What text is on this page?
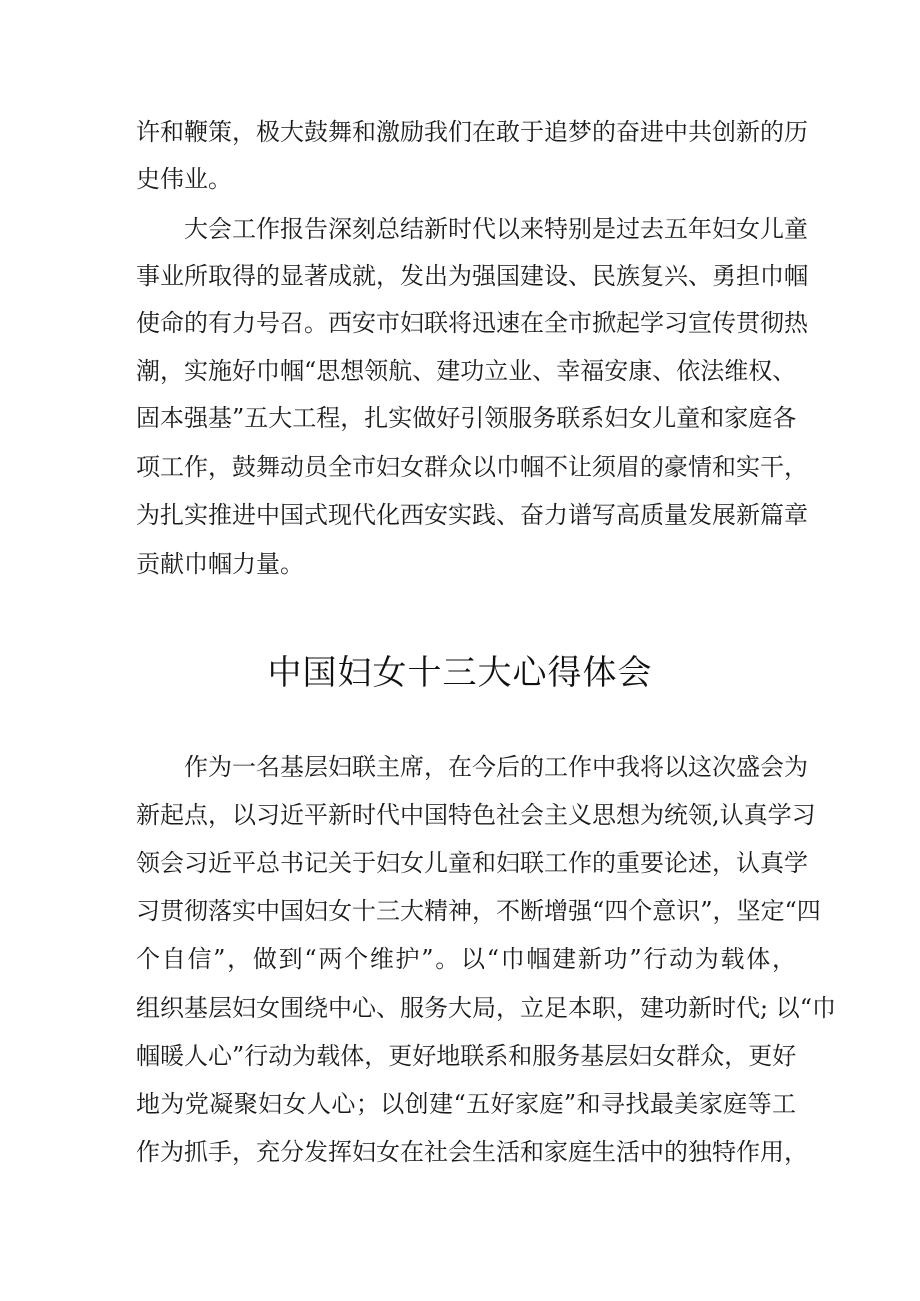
许和鞭策，极大鼓舞和激励我们在敢于追梦的奋进中共创新的历
史伟业。
大会工作报告深刻总结新时代以来特别是过去五年妇女儿童
事业所取得的显著成就，发出为强国建设、民族复兴、勇担巾帼
使命的有力号召。西安市妇联将迅速在全市掀起学习宣传贯彻热
潮，实施好巾帼“思想领航、建功立业、幸福安康、依法维权、
固本强基”五大工程，扎实做好引领服务联系妇女儿童和家庭各
项工作，鼓舞动员全市妇女群众以巾帼不让须眉的豪情和实干，
为扎实推进中国式现代化西安实践、奋力谱写高质量发展新篇章
贡献巾帼力量。
中国妇女十三大心得体会
作为一名基层妇联主席，在今后的工作中我将以这次盛会为
新起点，以习近平新时代中国特色社会主义思想为统领,认真学习
领会习近平总书记关于妇女儿童和妇联工作的重要论述，认真学
习贯彻落实中国妇女十三大精神，不断增强“四个意识”，坚定“四
个自信”，做到“两个维护”。以“巾帼建新功”行动为载体，
组织基层妇女围绕中心、服务大局，立足本职，建功新时代; 以“巾
帼暖人心”行动为载体，更好地联系和服务基层妇女群众，更好
地为党凝聚妇女人心；以创建“五好家庭”和寻找最美家庭等工
作为抓手，充分发挥妇女在社会生活和家庭生活中的独特作用，
